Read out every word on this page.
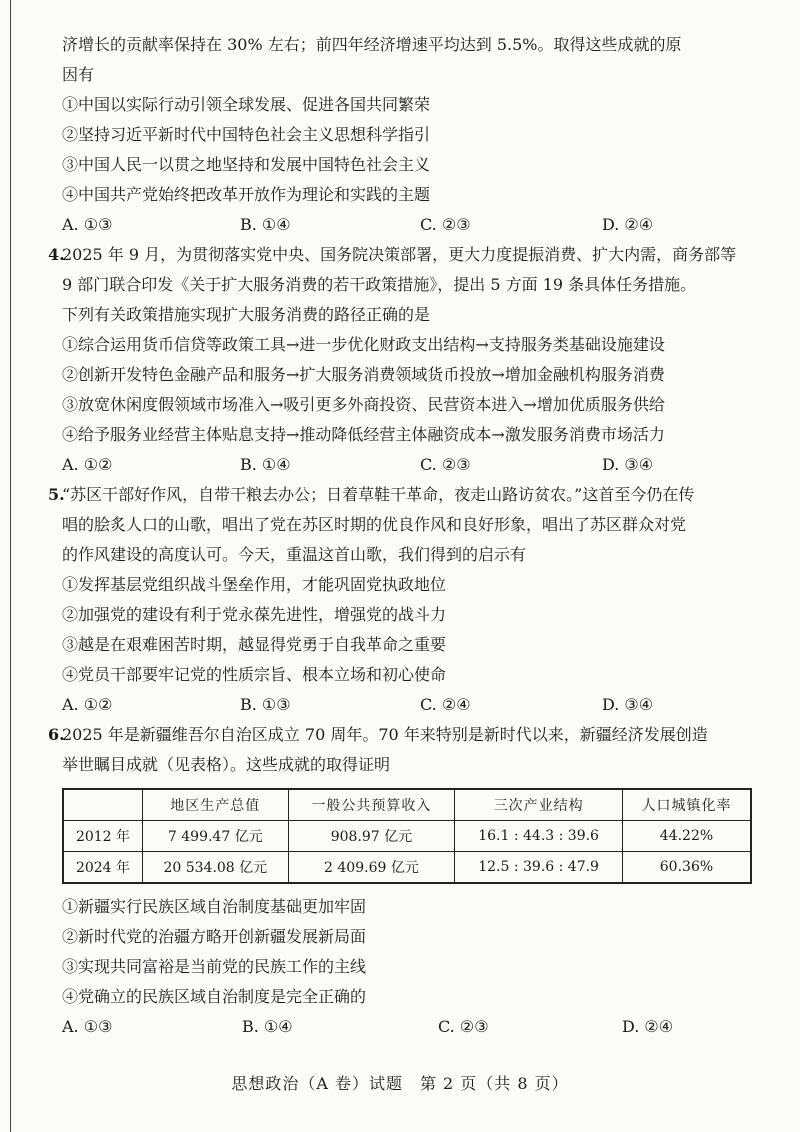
济增长的贡献率保持在 30% 左右；前四年经济增速平均达到 5.5%。取得这些成就的原
因有
①中国以实际行动引领全球发展、促进各国共同繁荣
②坚持习近平新时代中国特色社会主义思想科学指引
③中国人民一以贯之地坚持和发展中国特色社会主义
④中国共产党始终把改革开放作为理论和实践的主题
A. ①③	B. ①④	C. ②③	D. ②④
4.2025 年 9 月，为贯彻落实党中央、国务院决策部署，更大力度提振消费、扩大内需，商务部等
9 部门联合印发《关于扩大服务消费的若干政策措施》，提出 5 方面 19 条具体任务措施。
下列有关政策措施实现扩大服务消费的路径正确的是
①综合运用货币信贷等政策工具→进一步优化财政支出结构→支持服务类基础设施建设
②创新开发特色金融产品和服务→扩大服务消费领域货币投放→增加金融机构服务消费
③放宽休闲度假领域市场准入→吸引更多外商投资、民营资本进入→增加优质服务供给
④给予服务业经营主体贴息支持→推动降低经营主体融资成本→激发服务消费市场活力
A. ①②	B. ①④	C. ②③	D. ③④
5.“苏区干部好作风，自带干粮去办公；日着草鞋干革命，夜走山路访贫农。”这首至今仍在传
唱的脍炙人口的山歌，唱出了党在苏区时期的优良作风和良好形象，唱出了苏区群众对党
的作风建设的高度认可。今天，重温这首山歌，我们得到的启示有
①发挥基层党组织战斗堡垒作用，才能巩固党执政地位
②加强党的建设有利于党永葆先进性，增强党的战斗力
③越是在艰难困苦时期，越显得党勇于自我革命之重要
④党员干部要牢记党的性质宗旨、根本立场和初心使命
A. ①②	B. ①③	C. ②④	D. ③④
6.2025 年是新疆维吾尔自治区成立 70 周年。70 年来特别是新时代以来，新疆经济发展创造
举世瞩目成就（见表格）。这些成就的取得证明
	地区生产总值	一般公共预算收入	三次产业结构	人口城镇化率
2012 年	7 499.47 亿元	908.97 亿元	16.1 : 44.3 : 39.6	44.22%
2024 年	20 534.08 亿元	2 409.69 亿元	12.5 : 39.6 : 47.9	60.36%
①新疆实行民族区域自治制度基础更加牢固
②新时代党的治疆方略开创新疆发展新局面
③实现共同富裕是当前党的民族工作的主线
④党确立的民族区域自治制度是完全正确的
A. ①③	B. ①④	C. ②③	D. ②④
思想政治（A 卷）试题　第 2 页（共 8 页）
